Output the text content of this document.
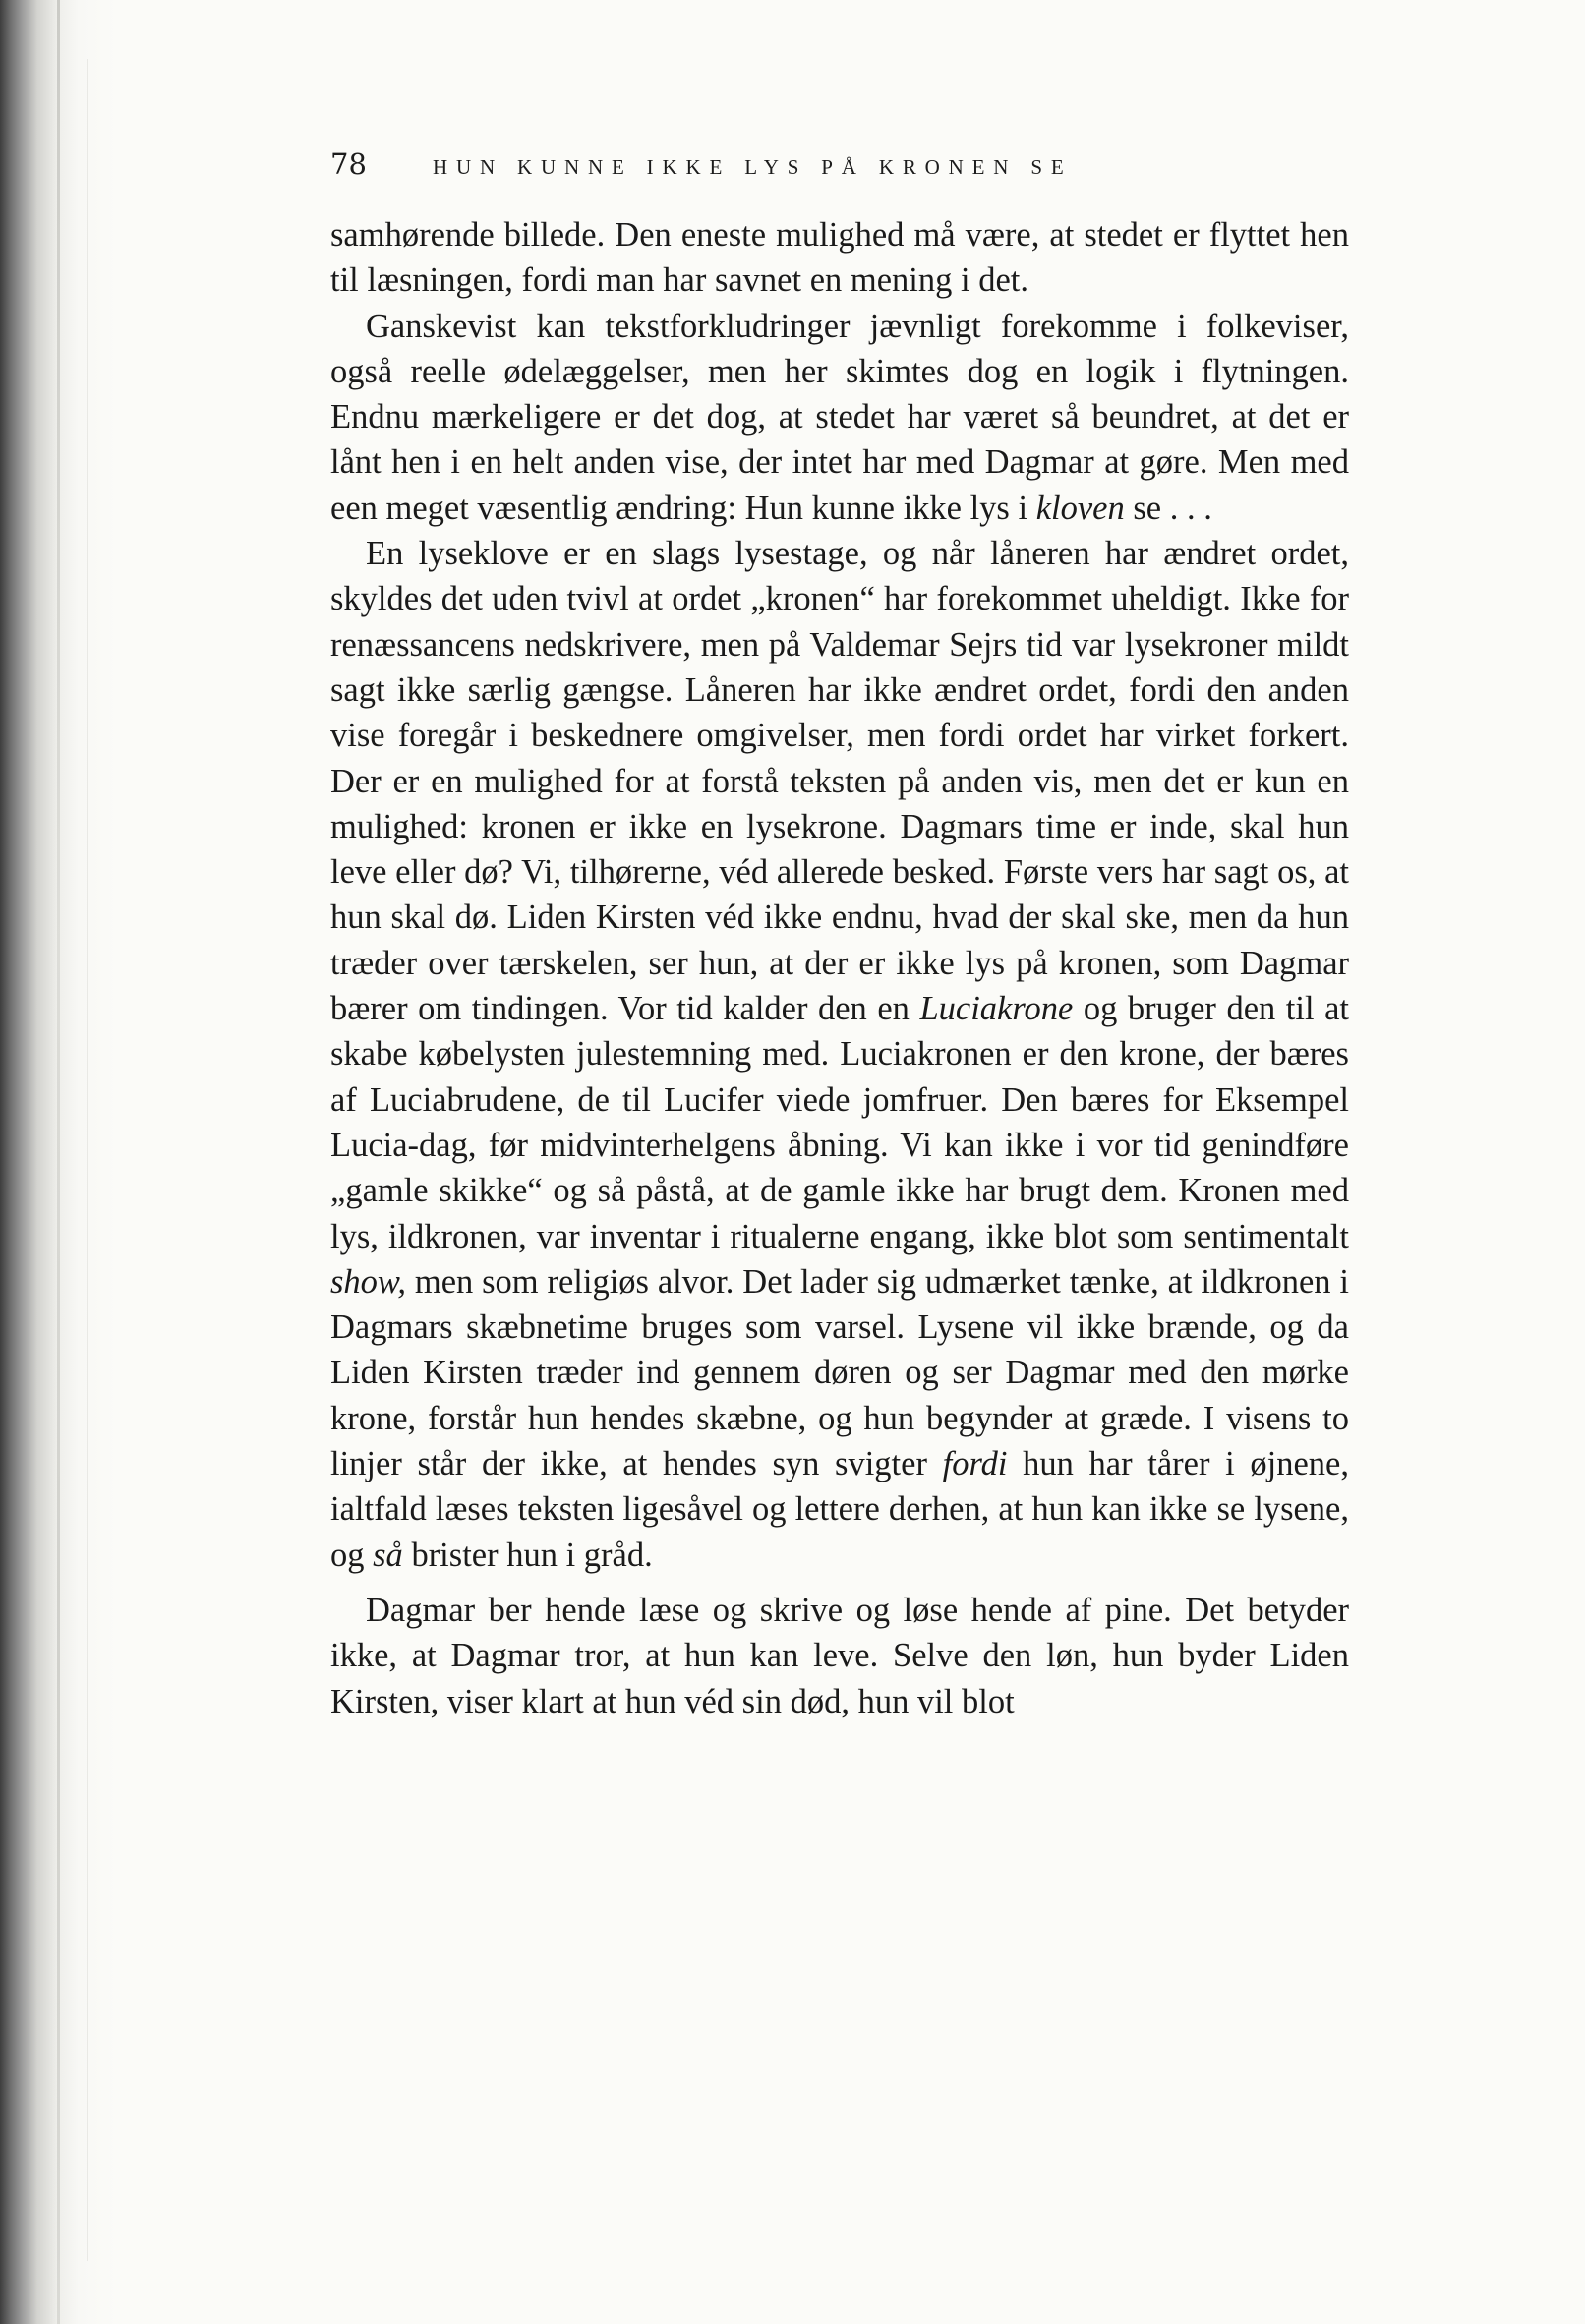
78	HUN KUNNE IKKE LYS PÅ KRONEN SE

samhørende billede. Den eneste mulighed må være, at stedet er flyttet hen til læsningen, fordi man har savnet en mening i det.

Ganskevist kan tekstforkludringer jævnligt forekomme i folkeviser, også reelle ødelæggelser, men her skimtes dog en logik i flytningen. Endnu mærkeligere er det dog, at stedet har været så beundret, at det er lånt hen i en helt anden vise, der intet har med Dagmar at gøre. Men med een meget væsentlig ændring: Hun kunne ikke lys i kloven se . . .

En lyseklove er en slags lysestage, og når låneren har ændret ordet, skyldes det uden tvivl at ordet „kronen“ har forekommet uheldigt. Ikke for renæssancens nedskrivere, men på Valdemar Sejrs tid var lysekroner mildt sagt ikke særlig gængse. Låneren har ikke ændret ordet, fordi den anden vise foregår i beskednere omgivelser, men fordi ordet har virket forkert. Der er en mulighed for at forstå teksten på anden vis, men det er kun en mulighed: kronen er ikke en lysekrone. Dagmars time er inde, skal hun leve eller dø? Vi, tilhørerne, véd allerede besked. Første vers har sagt os, at hun skal dø. Liden Kirsten véd ikke endnu, hvad der skal ske, men da hun træder over tærskelen, ser hun, at der er ikke lys på kronen, som Dagmar bærer om tindingen. Vor tid kalder den en Luciakrone og bruger den til at skabe købelysten julestemning med. Luciakronen er den krone, der bæres af Luciabrudene, de til Lucifer viede jomfruer. Den bæres for Eksempel Lucia-dag, før midvinterhelgens åbning. Vi kan ikke i vor tid genindføre „gamle skikke“ og så påstå, at de gamle ikke har brugt dem. Kronen med lys, ildkronen, var inventar i ritualerne engang, ikke blot som sentimentalt show, men som religiøs alvor. Det lader sig udmærket tænke, at ildkronen i Dagmars skæbnetime bruges som varsel. Lysene vil ikke brænde, og da Liden Kirsten træder ind gennem døren og ser Dagmar med den mørke krone, forstår hun hendes skæbne, og hun begynder at græde. I visens to linjer står der ikke, at hendes syn svigter fordi hun har tårer i øjnene, ialtfald læses teksten ligesåvel og lettere derhen, at hun kan ikke se lysene, og så brister hun i gråd.

Dagmar ber hende læse og skrive og løse hende af pine. Det betyder ikke, at Dagmar tror, at hun kan leve. Selve den løn, hun byder Liden Kirsten, viser klart at hun véd sin død, hun vil blot
